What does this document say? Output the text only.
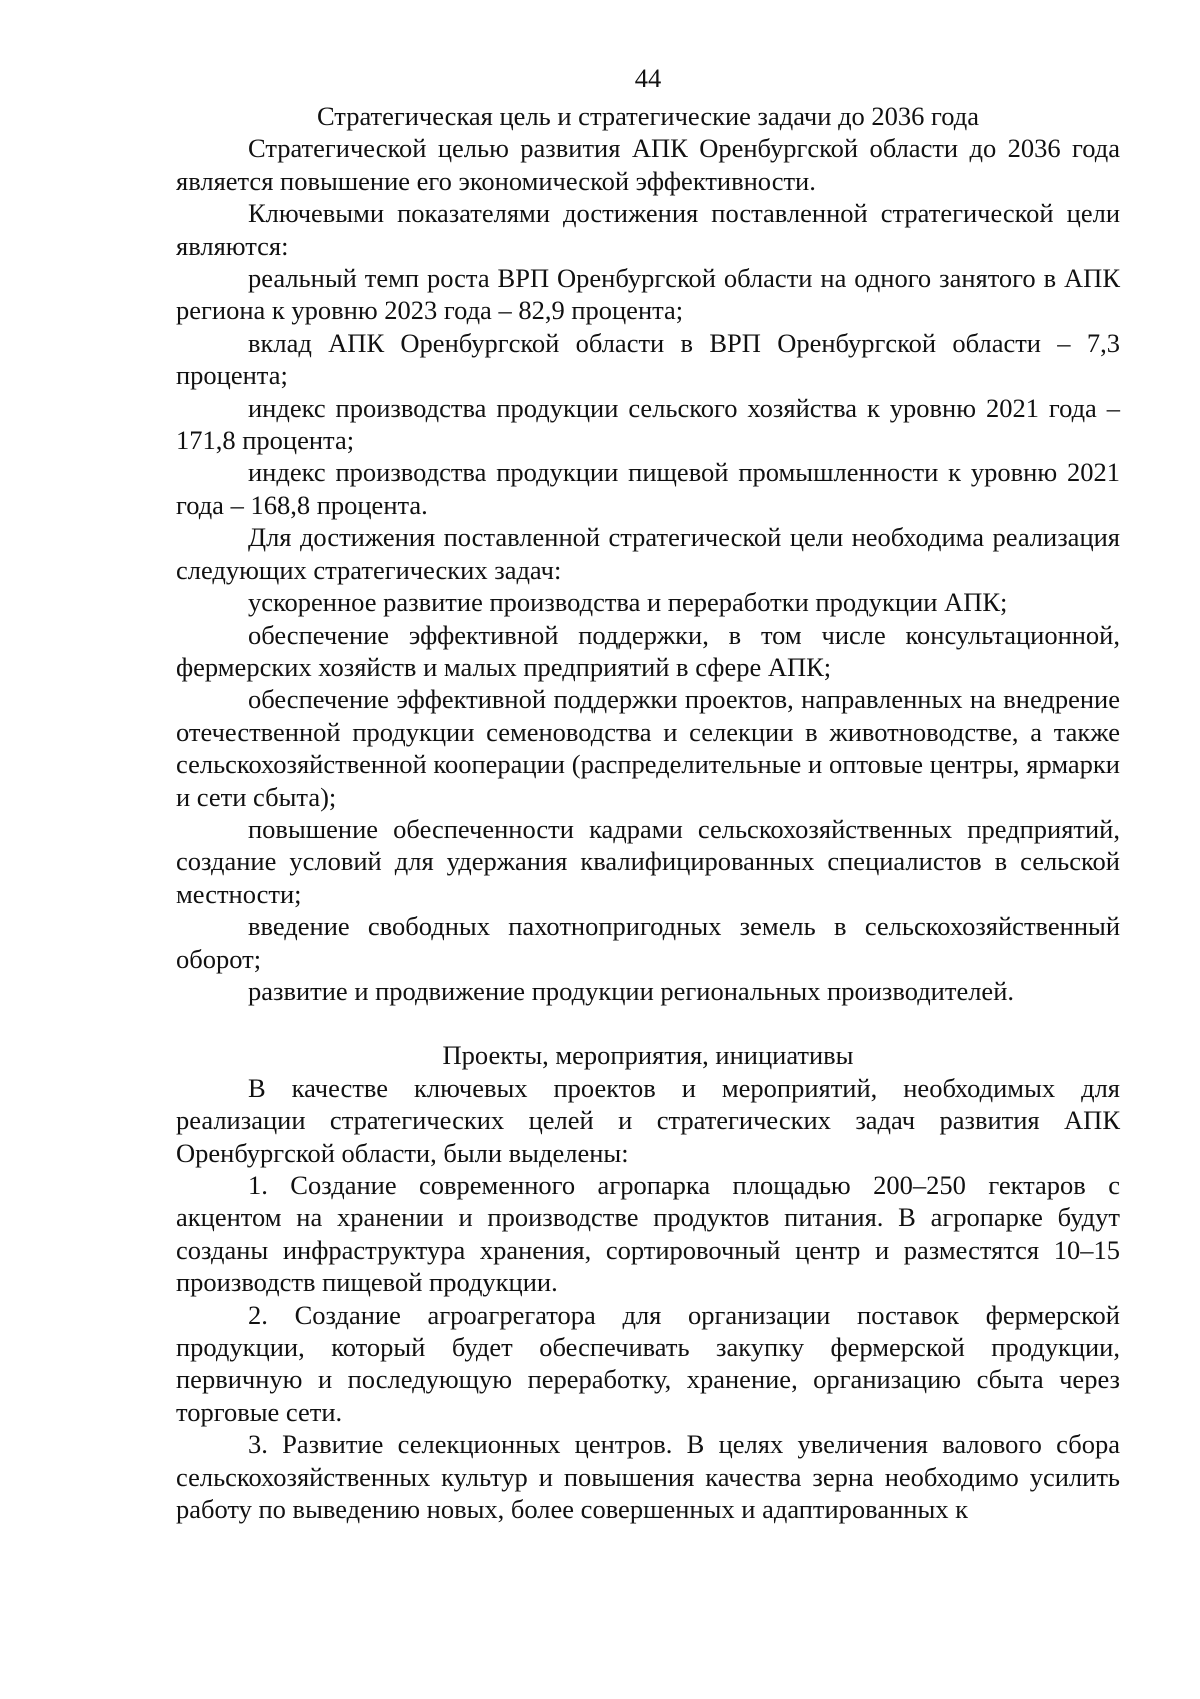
44
Стратегическая цель и стратегические задачи до 2036 года

Стратегической целью развития АПК Оренбургской области до 2036 года является повышение его экономической эффективности.

Ключевыми показателями достижения поставленной стратегической цели являются:

реальный темп роста ВРП Оренбургской области на одного занятого в АПК региона к уровню 2023 года – 82,9 процента;

вклад АПК Оренбургской области в ВРП Оренбургской области – 7,3 процента;

индекс производства продукции сельского хозяйства к уровню 2021 года – 171,8 процента;

индекс производства продукции пищевой промышленности к уровню 2021 года – 168,8 процента.

Для достижения поставленной стратегической цели необходима реализация следующих стратегических задач:

ускоренное развитие производства и переработки продукции АПК;

обеспечение эффективной поддержки, в том числе консультационной, фермерских хозяйств и малых предприятий в сфере АПК;

обеспечение эффективной поддержки проектов, направленных на внедрение отечественной продукции семеноводства и селекции в животноводстве, а также сельскохозяйственной кооперации (распределительные и оптовые центры, ярмарки и сети сбыта);

повышение обеспеченности кадрами сельскохозяйственных предприятий, создание условий для удержания квалифицированных специалистов в сельской местности;

введение свободных пахотнопригодных земель в сельскохозяйственный оборот;

развитие и продвижение продукции региональных производителей.

Проекты, мероприятия, инициативы

В качестве ключевых проектов и мероприятий, необходимых для реализации стратегических целей и стратегических задач развития АПК Оренбургской области, были выделены:

1. Создание современного агропарка площадью 200–250 гектаров с акцентом на хранении и производстве продуктов питания. В агропарке будут созданы инфраструктура хранения, сортировочный центр и разместятся 10–15 производств пищевой продукции.

2. Создание агроагрегатора для организации поставок фермерской продукции, который будет обеспечивать закупку фермерской продукции, первичную и последующую переработку, хранение, организацию сбыта через торговые сети.

3. Развитие селекционных центров. В целях увеличения валового сбора сельскохозяйственных культур и повышения качества зерна необходимо усилить работу по выведению новых, более совершенных и адаптированных к
